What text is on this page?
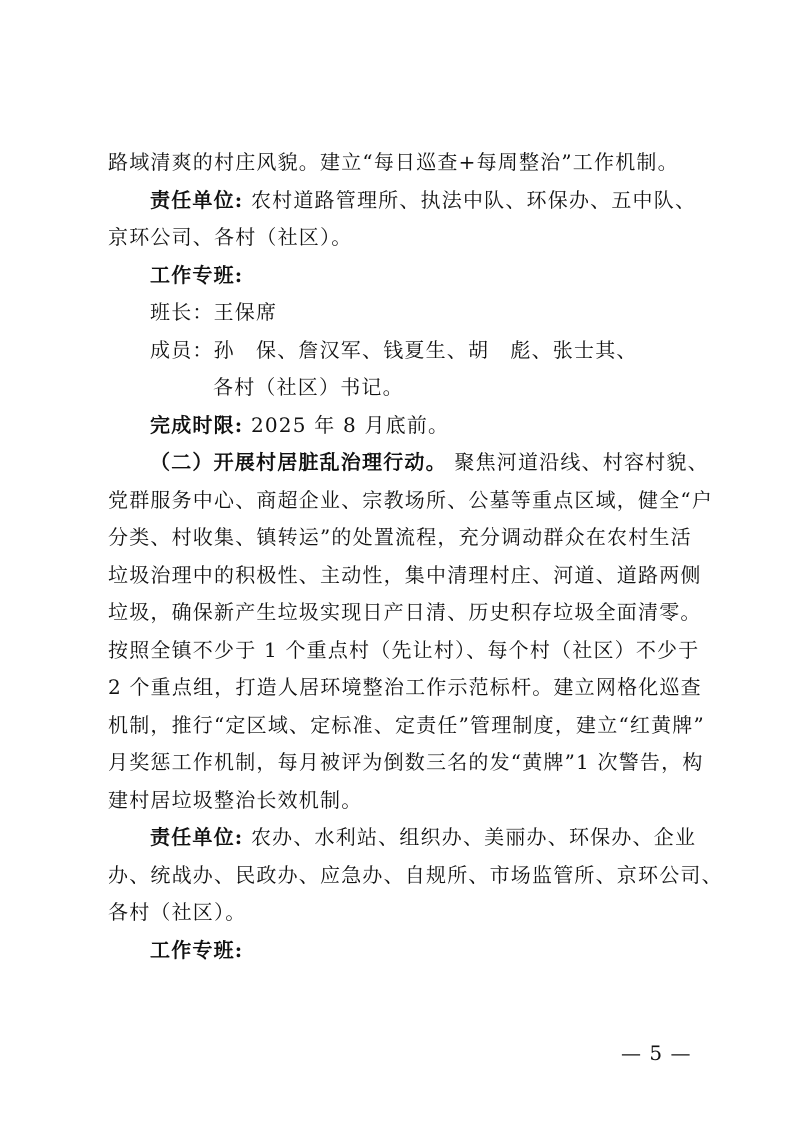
路域清爽的村庄风貌。建立“每日巡查+每周整治”工作机制。
责任单位: 农村道路管理所、执法中队、环保办、五中队、
京环公司、各村（社区）。
工作专班:
班长：王保席
成员：孙　保、詹汉军、钱夏生、胡　彪、张士其、
各村（社区）书记。
完成时限: 2025 年 8 月底前。
（二）开展村居脏乱治理行动。 聚焦河道沿线、村容村貌、
党群服务中心、商超企业、宗教场所、公墓等重点区域，健全“户
分类、村收集、镇转运”的处置流程，充分调动群众在农村生活
垃圾治理中的积极性、主动性，集中清理村庄、河道、道路两侧
垃圾，确保新产生垃圾实现日产日清、历史积存垃圾全面清零。
按照全镇不少于 1 个重点村（先让村）、每个村（社区）不少于
2 个重点组，打造人居环境整治工作示范标杆。建立网格化巡查
机制，推行“定区域、定标准、定责任”管理制度，建立“红黄牌”
月奖惩工作机制，每月被评为倒数三名的发“黄牌”1 次警告，构
建村居垃圾整治长效机制。
责任单位: 农办、水利站、组织办、美丽办、环保办、企业
办、统战办、民政办、应急办、自规所、市场监管所、京环公司、
各村（社区）。
工作专班:
— 5 —
